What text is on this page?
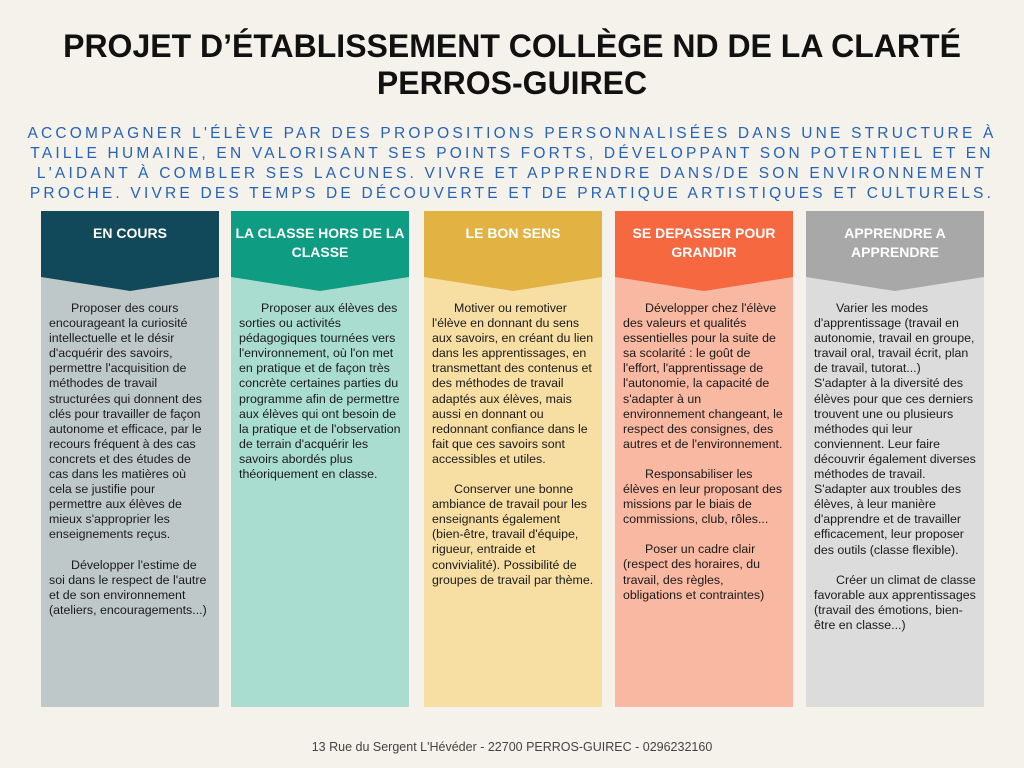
PROJET D’ÉTABLISSEMENT COLLÈGE ND DE LA CLARTÉ
PERROS-GUIREC
ACCOMPAGNER L'ÉLÈVE PAR DES PROPOSITIONS PERSONNALISÉES DANS UNE STRUCTURE À TAILLE HUMAINE, EN VALORISANT SES POINTS FORTS, DÉVELOPPANT SON POTENTIEL ET EN L'AIDANT À COMBLER SES LACUNES. VIVRE ET APPRENDRE DANS/DE SON ENVIRONNEMENT PROCHE. VIVRE DES TEMPS DE DÉCOUVERTE ET DE PRATIQUE ARTISTIQUES ET CULTURELS.
EN COURS

Proposer des cours encourageant la curiosité intellectuelle et le désir d'acquérir des savoirs, permettre l'acquisition de méthodes de travail structurées qui donnent des clés pour travailler de façon autonome et efficace, par le recours fréquent à des cas concrets et des études de cas dans les matières où cela se justifie pour permettre aux élèves de mieux s'approprier les enseignements reçus.

Développer l'estime de soi dans le respect de l'autre et de son environnement (ateliers, encouragements...)

LA CLASSE HORS DE LA CLASSE

Proposer aux élèves des sorties ou activités pédagogiques tournées vers l'environnement, où l'on met en pratique et de façon très concrète certaines parties du programme afin de permettre aux élèves qui ont besoin de la pratique et de l'observation de terrain d'acquérir les savoirs abordés plus théoriquement en classe.

LE BON SENS

Motiver ou remotiver l'élève en donnant du sens aux savoirs, en créant du lien dans les apprentissages, en transmettant des contenus et des méthodes de travail adaptés aux élèves, mais aussi en donnant ou redonnant confiance dans le fait que ces savoirs sont accessibles et utiles.

Conserver une bonne ambiance de travail pour les enseignants également (bien-être, travail d'équipe, rigueur, entraide et convivialité). Possibilité de groupes de travail par thème.

SE DEPASSER POUR GRANDIR

Développer chez l'élève des valeurs et qualités essentielles pour la suite de sa scolarité : le goût de l'effort, l'apprentissage de l'autonomie, la capacité de s'adapter à un environnement changeant, le respect des consignes, des autres et de l'environnement.

Responsabiliser les élèves en leur proposant des missions par le biais de commissions, club, rôles...

Poser un cadre clair (respect des horaires, du travail, des règles, obligations et contraintes)

APPRENDRE A APPRENDRE

Varier les modes d'apprentissage (travail en autonomie, travail en groupe, travail oral, travail écrit, plan de travail, tutorat...) S'adapter à la diversité des élèves pour que ces derniers trouvent une ou plusieurs méthodes qui leur conviennent. Leur faire découvrir également diverses méthodes de travail. S'adapter aux troubles des élèves, à leur manière d'apprendre et de travailler efficacement, leur proposer des outils (classe flexible).

Créer un climat de classe favorable aux apprentissages (travail des émotions, bien-être en classe...)

13 Rue du Sergent L'Hévéder - 22700 PERROS-GUIREC - 0296232160
